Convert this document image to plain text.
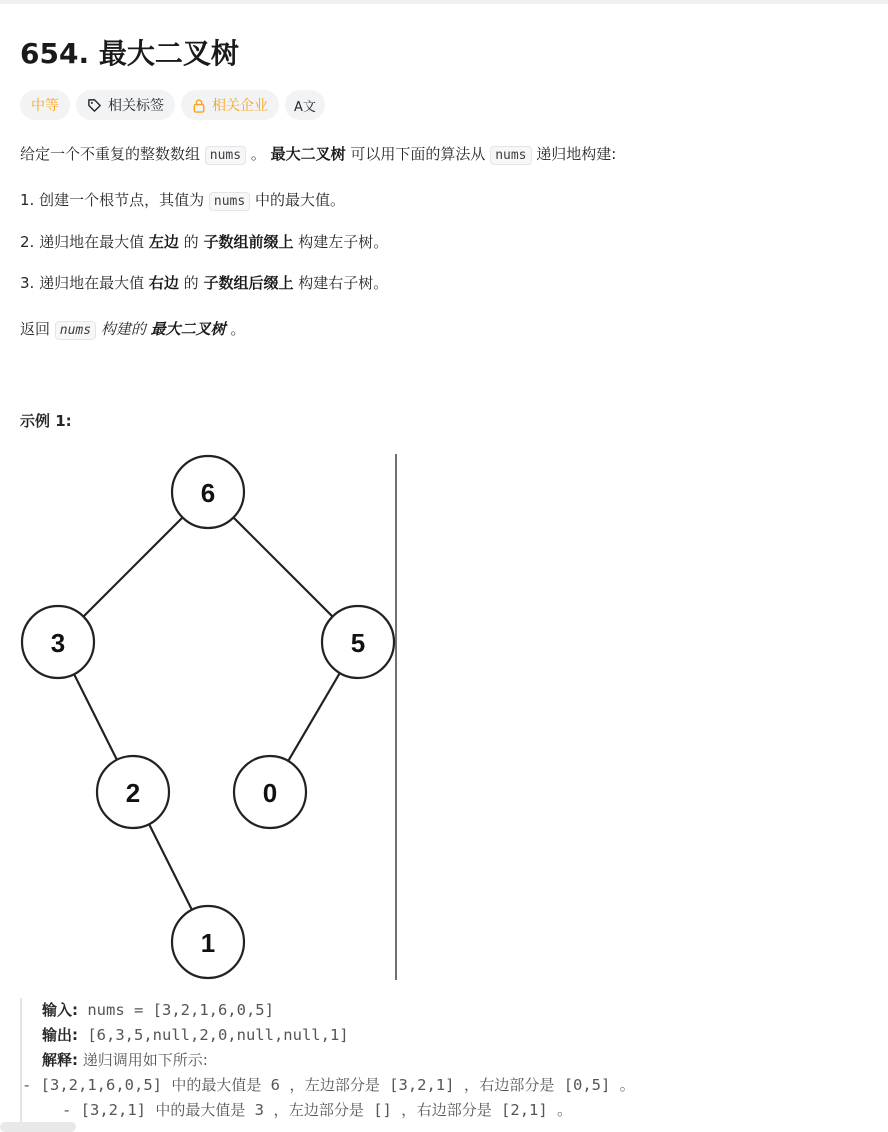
654. 最大二叉树
中等	相关标签	相关企业 A文
给定一个不重复的整数数组 nums 。 最大二叉树 可以用下面的算法从 nums 递归地构建:
1. 创建一个根节点，其值为 nums 中的最大值。
2. 递归地在最大值 左边 的 子数组前缀上 构建左子树。
3. 递归地在最大值 右边 的 子数组后缀上 构建右子树。
返回 nums 构建的 最大二叉树 。
示例 1:
6
3	5
2	0
1
输入: nums = [3,2,1,6,0,5]
输出: [6,3,5,null,2,0,null,null,1]
解释: 递归调用如下所示:
- [3,2,1,6,0,5] 中的最大值是 6 ，左边部分是 [3,2,1] ，右边部分是 [0,5] 。
- [3,2,1] 中的最大值是 3 ，左边部分是 [] ，右边部分是 [2,1] 。
